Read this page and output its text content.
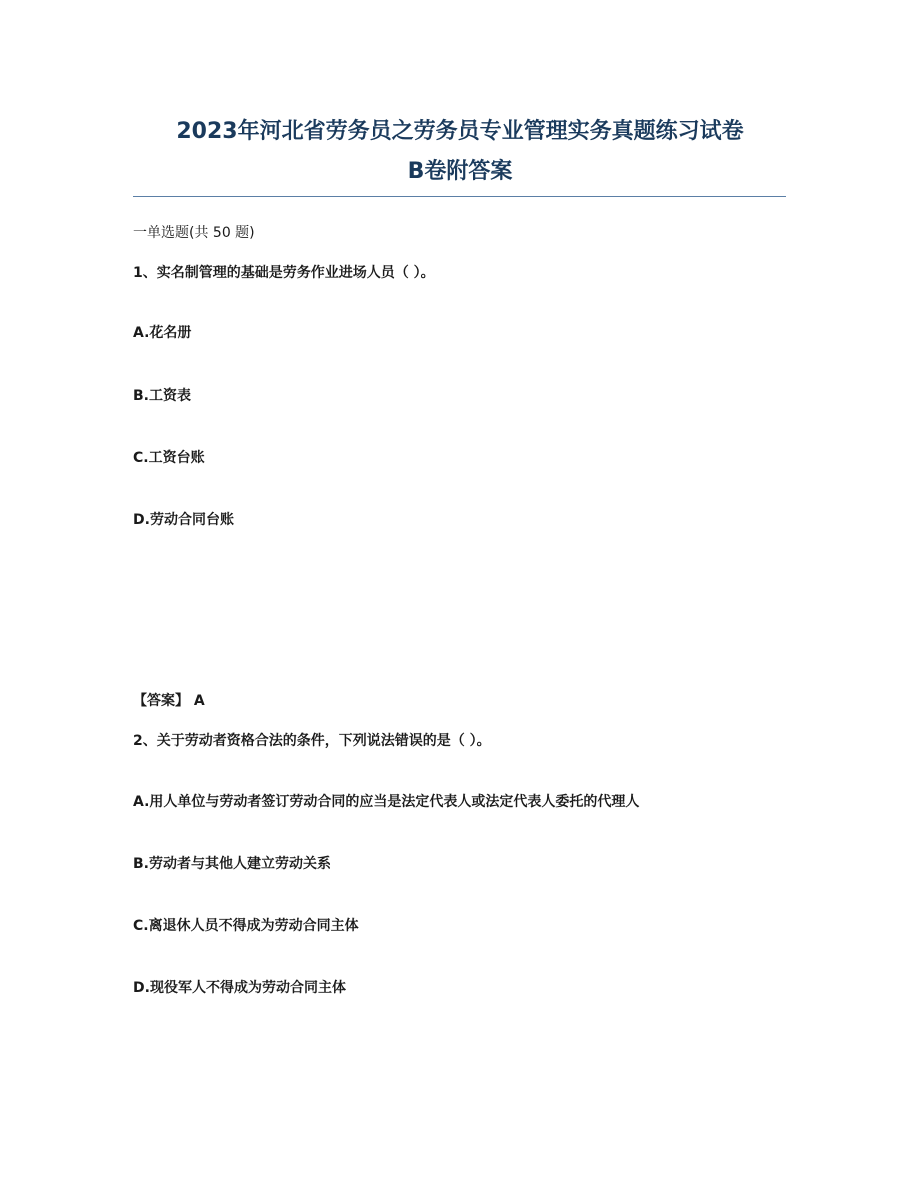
2023年河北省劳务员之劳务员专业管理实务真题练习试卷
B卷附答案
一单选题(共 50 题)
1、实名制管理的基础是劳务作业进场人员（ ）。
A.花名册
B.工资表
C.工资台账
D.劳动合同台账
【答案】 A
2、关于劳动者资格合法的条件，下列说法错误的是（ ）。
A.用人单位与劳动者签订劳动合同的应当是法定代表人或法定代表人委托的代理人
B.劳动者与其他人建立劳动关系
C.离退休人员不得成为劳动合同主体
D.现役军人不得成为劳动合同主体
